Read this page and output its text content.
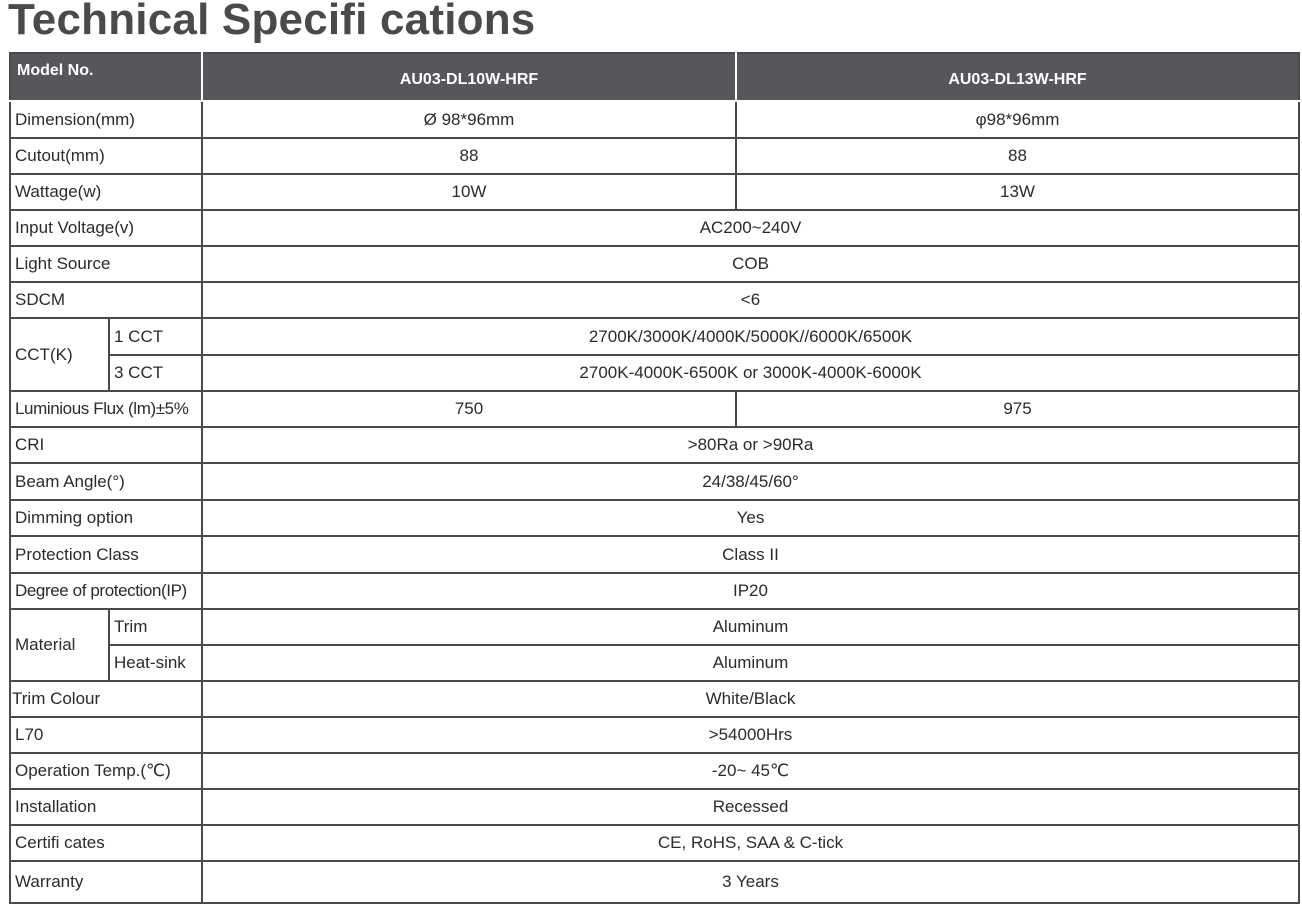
Technical Specifi cations
Model No.		AU03-DL10W-HRF	AU03-DL13W-HRF
Dimension(mm)		Ø 98*96mm	φ98*96mm
Cutout(mm)		88	88
Wattage(w)		10W	13W
Input Voltage(v)		AC200~240V	
Light Source		COB	
SDCM		<6	
CCT(K)	1 CCT	2700K/3000K/4000K/5000K//6000K/6500K	
	3 CCT	2700K-4000K-6500K or 3000K-4000K-6000K	
Luminious Flux (lm)±5%		750	975
CRI		>80Ra or >90Ra	
Beam Angle(°)		24/38/45/60°	
Dimming option		Yes	
Protection Class		Class II	
Degree of protection(IP)		IP20	
Material	Trim	Aluminum	
	Heat-sink	Aluminum	
Trim Colour		White/Black	
L70		>54000Hrs	
Operation Temp.(℃)		-20~ 45℃	
Installation		Recessed	
Certifi cates		CE, RoHS, SAA & C-tick	
Warranty		3 Years	
